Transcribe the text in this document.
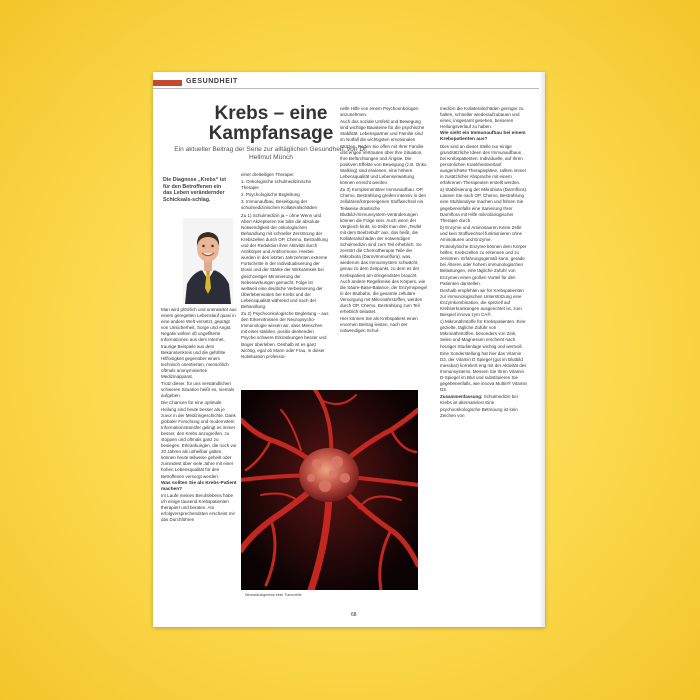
GESUNDHEIT
Krebs – eine Kampfansage
Ein aktueller Beitrag der Serie zur alltäglichen Gesundheit, von Dr. Hellmut Münch
Die Diagnose „Krebs“ ist für den Betroffenen ein das Leben verändernder Schicksals-schlag.

Man wird plötzlich und unerwartet aus einem geregelten Lebenslauf quasi in eine andere Welt versetzt, geprägt von Unsicherheit, Sorge und Angst. Negativ wirken oft ungefilterte Informationen aus dem Internet, traurige Beispiele aus dem Bekanntenkreis und die gefühlte Hilflosigkeit gegenüber einem technisch orientierten, menschlich oftmals anonymisierten Medizinapparat.

Trotz dieser, für uns verständlichen schweren Situation heißt es, niemals aufgeben.

Die Chancen für eine optimale Heilung sind heute besser als je zuvor in der Medizingeschichte. Dank globaler Forschung und modernstem Informationstransfer gelingt es immer besser, den Krebs anzugreifen, zu stoppen und oftmals ganz zu besiegen. Erkrankungen, die noch vor 20 Jahren als unheilbar galten, können heute teilweise geheilt oder zumindest über viele Jahre mit einer hohen Lebensqualität für den Betroffenen versorgt werden.

Was sollten Sie als Krebs-Patient machen?

Im Laufe meines Berufslebens habe ich einige tausend Krebspatienten therapiert und beraten. Am erfolgversprechendsten erscheint mir das Durchführen

einer dreiteiligen Therapie:

1. Onkologische schulmedizinische Therapie

2. Psychologische Begleitung

3. Immunaufbau, Beseitigung der schulmedizinischen Kollateralschäden

Zu 1) Schulmedizin ja – ohne Wenn und Aber! Akzeptieren Sie bitte die absolute Notwendigkeit der onkologischen Behandlung mit schneller Zerstörung der Krebszellen durch OP, Chemo, Bestrahlung und der Reduktion ihrer Aktivität durch Antikörper und Antihormone. Hierbei wurden in den letzten Jahrzehnten extreme Fortschritte in der Individualisierung der Dosis und der Stärke der Wirksamkeit bei gleichzeitiger Minimierung der Nebenwirkungen gemacht. Folge ist weltweit eine deutliche Verbesserung der Überlebensraten bei Krebs und der Lebensqualität während und nach der Behandlung.

Zu 2) Psychoonkologische Begleitung – aus den Erkenntnissen der Neuropsycho-Immunologie wissen wir, dass Menschen mit einer stabilen, positiv denkenden Psyche schwere Erkrankungen besser und länger überleben. Deshalb ist es ganz wichtig, egal ob Mann oder Frau, in dieser Notsituation professio-

nelle Hilfe von einem Psychoonkologen anzunehmen.

Auch das soziale Umfeld und Bewegung sind wichtige Bausteine für die psychische Stabilität. Lebenspartner und Familie sind im Notfall die wichtigsten emotionalen Stützen. Reden Sie offen mit Ihrer Familie und engen Vertrauten über Ihre Situation, Ihre Befürchtungen und Ängste. Die positiven Effekte von Bewegung (z.B. Onko Walking) sind erwiesen, eine höhere Lebensqualität und Lebenserwartung können erreicht werden.

Zu 3) Komplementärer Immunaufbau. OP, Chemo, Bestrahlung greifen intensiv in den zellulären/körpereigenen Stoffwechsel ein. Teilweise drastische Blutbild-/Immunsystem-Veränderungen können die Folge sein. Auch wenn der Vergleich hinkt, so treibt man den „Teufel mit dem Beelzebub“ aus, das heißt, die Kollateralschäden der notwendigen Schulmedizin sind zum Teil erheblich. So zerstört die Chemotherapie Teile der Mikrobiota (Darm/Immunflora), was wiederum das Immunsystem schwächt, genau zu dem Zeitpunkt, zu dem es der Krebspatient am dringendsten braucht. Auch andere Regelkreise des Körpers, wie die Säure-Base-Balance, der Enzymspiegel in der Blutbahn, die gesamte zelluläre Versorgung mit Mikronährstoffen, werden durch OP, Chemo, Bestrahlung zum Teil erheblich belastet.

Hier können Sie als Krebspatient einen enormen Beitrag leisten, nach der notwendigen Schul-

medizin die Kollateralschäden geringer zu halten, schneller wiederaufzubauen und eines, insgesamt gesehen, besseren Heilungsverlauf zu haben.

Wie sieht ein Immunaufbau bei einem Krebspatienten aus?

Dies sind an dieser Stelle nur einige grundsätzliche Ideen des Immunaufbaus bei Krebspatienten. Individuelle, auf Ihren persönlichen Krankheitsverlauf ausgerichtete Therapiepläne, sollten immer in zusätzlicher Absprache mit einem erfahrenen Therapeuten erstellt werden.

a) Stabilisierung der Mikrobiota (Darmflora). Lassen Sie nach OP, Chemo, Bestrahlung eine Stuhlanalyse machen und führen Sie gegebenenfalls eine Sanierung Ihrer Darmflora mit Hilfe mikrobiologischer Therapie durch.

b) Enzyme und Aminosauren Keine Zelle und kein Stoffwechsel funktionieren ohne Aminoäuren und Enzyme.

Proteolytische Enzyme können dem Körper helfen, Krebszellen zu erkennen und zu zerstören. Erfahrungsgemäß kann, gerade bei Älteren oder hohem immunologischen Belastungen, eine tägliche Zufuhr von Enzymen einen großen Vorteil für den Patienten darstellen.

Deshalb empfehlen wir für Krebspatienten zur immunologischen Unterstützung eine Enzymkombination, die speziell auf Krebserkrankungen ausgerichtet ist, zum Beispiel innova zym CA®.

c) Mikronährstoffe für Krebspatienten. Eine gezielte, tägliche Zufuhr von Mikronährstoffen, besonders von Zink, Selen und Magnesium erscheint nach heutiger Studienlage wichtig und wertvoll.

Eine Sonderstellung hat hier das Vitamin D3, der Vitamin D Spiegel (gut im Blutbild messbar) korreliert eng mit der Aktivität des Immunsystems. Messen Sie Ihren Vitamin D-Spiegel im Blut und substituieren Sie gegebenenfalls, wie innova Multin® Vitamin D3.

Zusammenfassung: Schulmedizin bei Krebs ist alternativlos! Eine psychoonkologische Betreuung ist kein Zeichen von

Neovaskulogenese einer Tumorzelle
68
